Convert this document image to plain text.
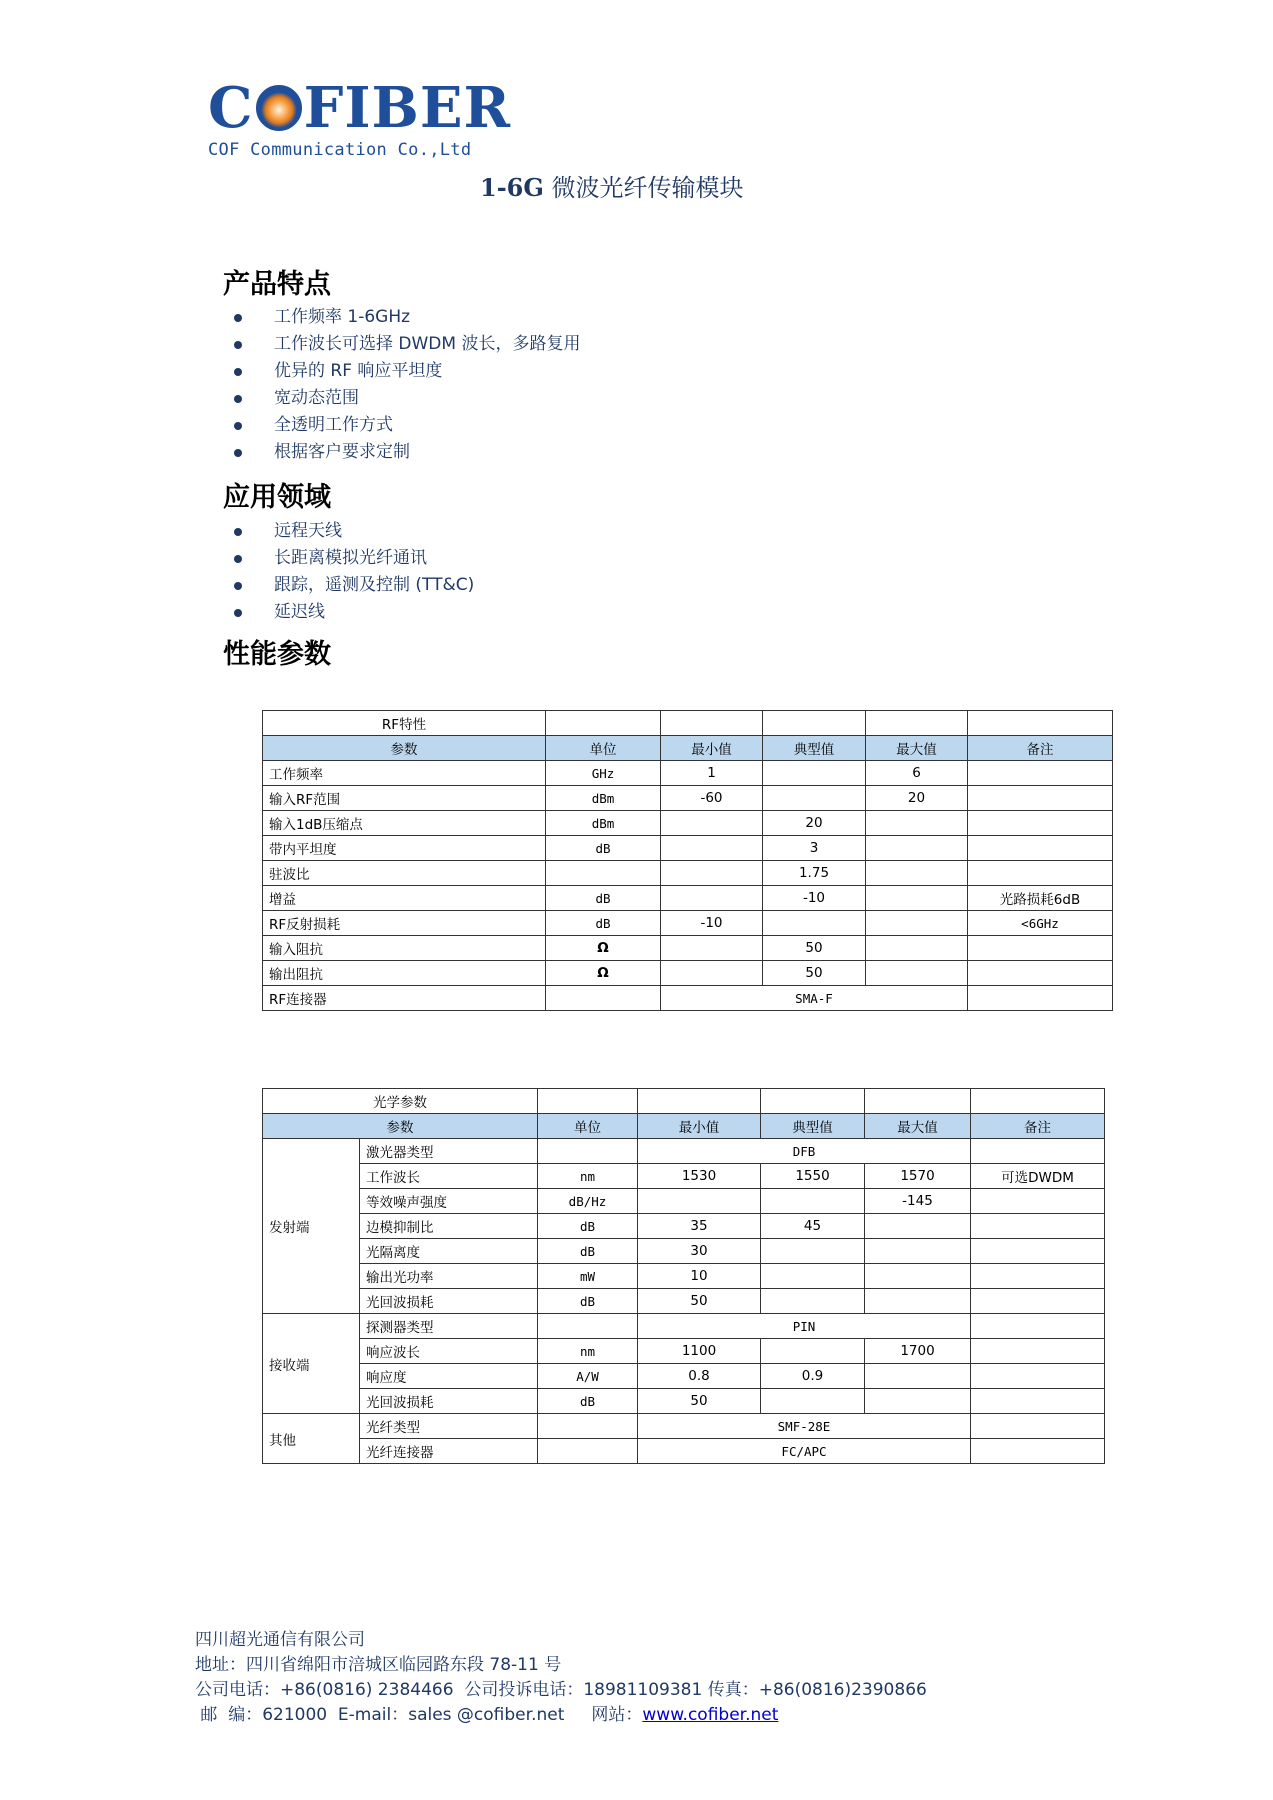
C FIBER
COF Communication Co.,Ltd
1-6G 微波光纤传输模块
产品特点
工作频率 1-6GHz
工作波长可选择 DWDM 波长，多路复用
优异的 RF 响应平坦度
宽动态范围
全透明工作方式
根据客户要求定制
应用领域
远程天线
长距离模拟光纤通讯
跟踪，遥测及控制 (TT&C)
延迟线
性能参数
RF特性					
参数	单位	最小值	典型值	最大值	备注
工作频率	GHz	1		6	
输入RF范围	dBm	-60		20	
输入1dB压缩点	dBm		20		
带内平坦度	dB		3		
驻波比			1.75		
增益	dB		-10		光路损耗6dB
RF反射损耗	dB	-10			<6GHz
输入阻抗	Ω		50		
输出阻抗	Ω		50		
RF连接器		SMA-F			
光学参数						
参数		单位	最小值	典型值	最大值	备注
发射端	激光器类型		DFB			
	工作波长	nm	1530	1550	1570	可选DWDM
	等效噪声强度	dB/Hz			-145	
	边模抑制比	dB	35	45		
	光隔离度	dB	30			
	输出光功率	mW	10			
	光回波损耗	dB	50			
接收端	探测器类型		PIN			
	响应波长	nm	1100		1700	
	响应度	A/W	0.8	0.9		
	光回波损耗	dB	50			
其他	光纤类型		SMF-28E			
	光纤连接器		FC/APC			
四川超光通信有限公司
地址：四川省绵阳市涪城区临园路东段 78-11 号
公司电话：+86(0816) 2384466  公司投诉电话：18981109381 传真：+86(0816)2390866
邮  编：621000  E-mail：sales @cofiber.net     网站：www.cofiber.net
